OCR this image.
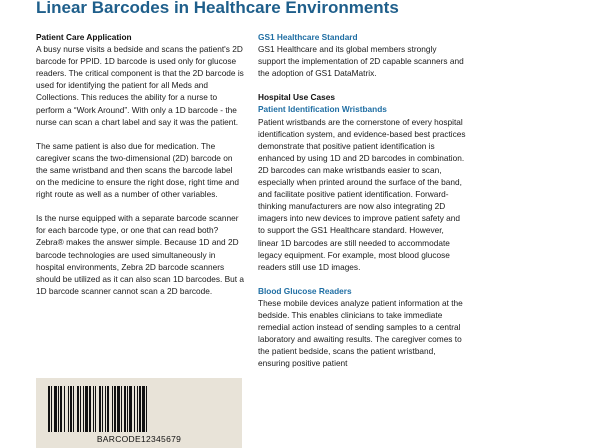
Linear Barcodes in Healthcare Environments

Patient Care Application

A busy nurse visits a bedside and scans the patient's 2D barcode for PPID. 1D barcode is used only for glucose readers. The critical component is that the 2D barcode is used for identifying the patient for all Meds and Collections. This reduces the ability for a nurse to perform a “Work Around”. With only a 1D barcode - the nurse can scan a chart label and say it was the patient.

The same patient is also due for medication. The caregiver scans the two-dimensional (2D) barcode on the same wristband and then scans the barcode label on the medicine to ensure the right dose, right time and right route as well as a number of other variables.

Is the nurse equipped with a separate barcode scanner for each barcode type, or one that can read both? Zebra® makes the answer simple. Because 1D and 2D barcode technologies are used simultaneously in hospital environments, Zebra 2D barcode scanners should be utilized as it can also scan 1D barcodes. But a 1D barcode scanner cannot scan a 2D barcode.

BARCODE12345679

GS1 Healthcare Standard

GS1 Healthcare and its global members strongly support the implementation of 2D capable scanners and the adoption of GS1 DataMatrix.

Hospital Use Cases

Patient Identification Wristbands

Patient wristbands are the cornerstone of every hospital identification system, and evidence-based best practices demonstrate that positive patient identification is enhanced by using 1D and 2D barcodes in combination. 2D barcodes can make wristbands easier to scan, especially when printed around the surface of the band, and facilitate positive patient identification. Forward-thinking manufacturers are now also integrating 2D imagers into new devices to improve patient safety and to support the GS1 Healthcare standard. However, linear 1D barcodes are still needed to accommodate legacy equipment. For example, most blood glucose readers still use 1D images.

Blood Glucose Readers

These mobile devices analyze patient information at the bedside. This enables clinicians to take immediate remedial action instead of sending samples to a central laboratory and awaiting results. The caregiver comes to the patient bedside, scans the patient wristband, ensuring positive patient
